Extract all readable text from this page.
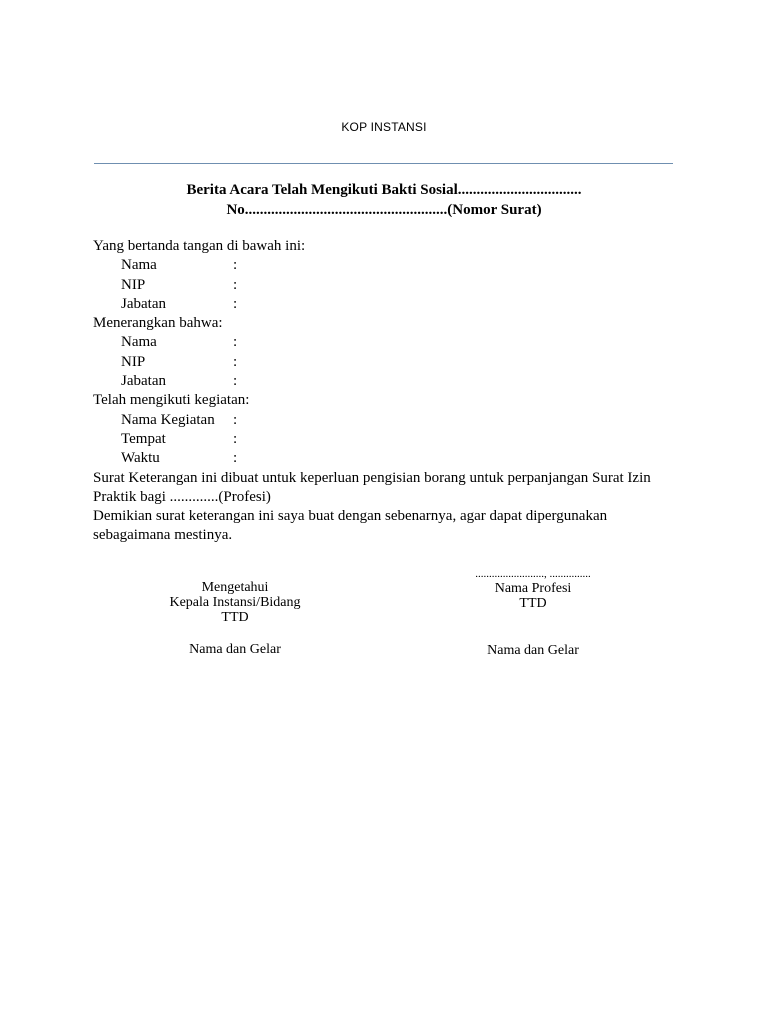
KOP INSTANSI
Berita Acara Telah Mengikuti Bakti Sosial.................................
No......................................................(Nomor Surat)
Yang bertanda tangan di bawah ini:
Nama	:
NIP	:
Jabatan	:
Menerangkan bahwa:
Nama	:
NIP	:
Jabatan	:
Telah mengikuti kegiatan:
Nama Kegiatan	:
Tempat	:
Waktu	:
Surat Keterangan ini dibuat untuk keperluan pengisian borang untuk perpanjangan Surat Izin Praktik bagi .............(Profesi)
Demikian surat keterangan ini saya buat dengan sebenarnya, agar dapat dipergunakan sebagaimana mestinya.
Mengetahui
Kepala Instansi/Bidang
TTD
Nama dan Gelar
........................., ...............
Nama Profesi
TTD
Nama dan Gelar
